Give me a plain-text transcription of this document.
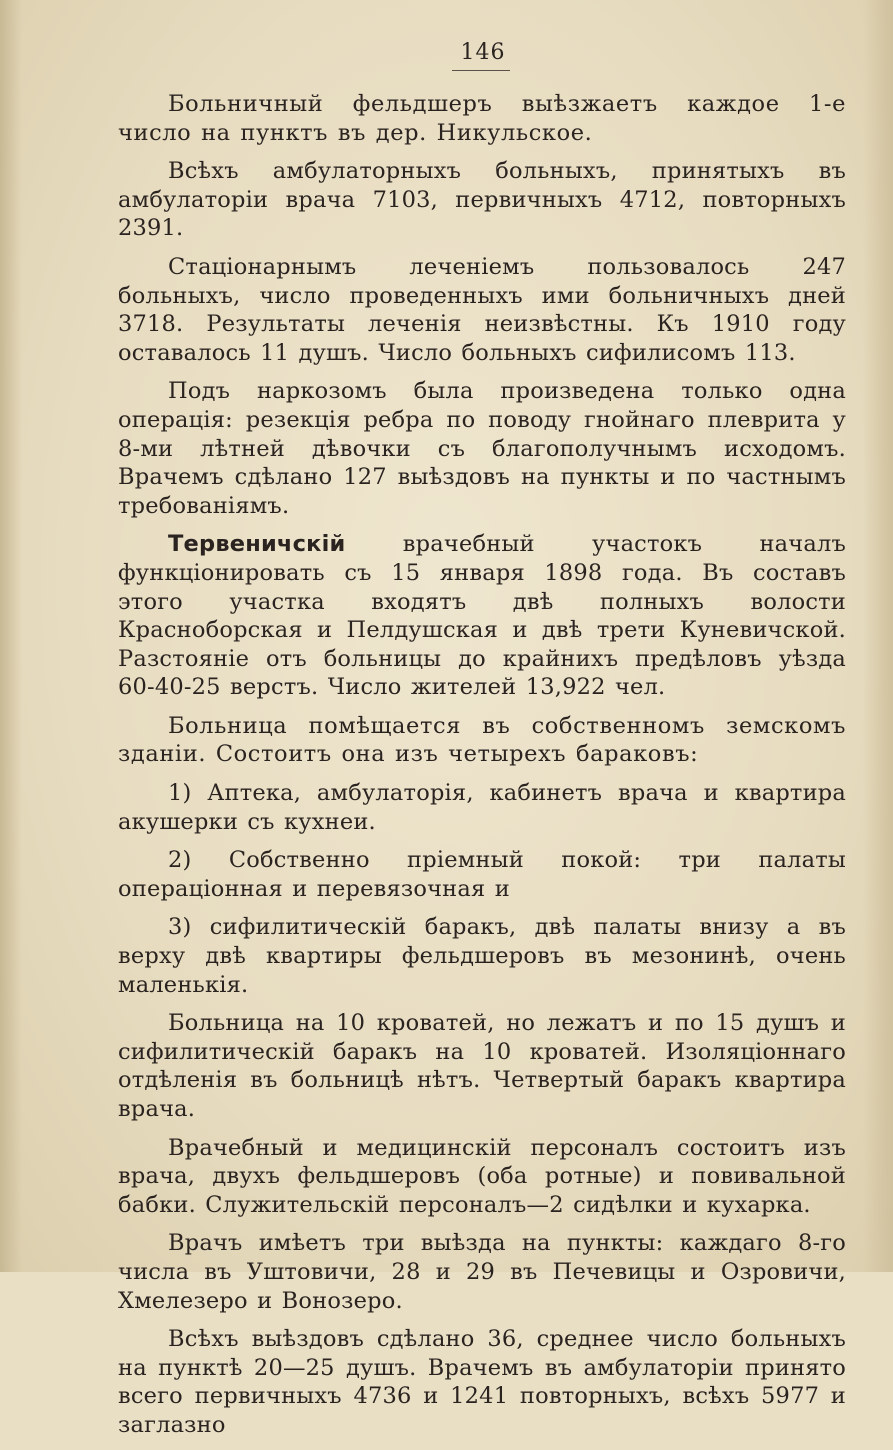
146

Больничный фельдшеръ выѣзжаетъ каждое 1-е число на пунктъ въ дер. Никульское.

Всѣхъ амбулаторныхъ больныхъ, принятыхъ въ амбулаторіи врача 7103, первичныхъ 4712, повторныхъ 2391.

Стаціонарнымъ леченіемъ пользовалось 247 больныхъ, число проведенныхъ ими больничныхъ дней 3718. Результаты леченія неизвѣстны. Къ 1910 году оставалось 11 душъ. Число больныхъ сифилисомъ 113.

Подъ наркозомъ была произведена только одна операція: резекція ребра по поводу гнойнаго плеврита у 8-ми лѣтней дѣвочки съ благополучнымъ исходомъ. Врачемъ сдѣлано 127 выѣздовъ на пункты и по частнымъ требованіямъ.

Тервеничскій врачебный участокъ началъ функціонировать съ 15 января 1898 года. Въ составъ этого участка входятъ двѣ полныхъ волости Красноборская и Пелдушская и двѣ трети Куневичской. Разстояніе отъ больницы до крайнихъ предѣловъ уѣзда 60-40-25 верстъ. Число жителей 13,922 чел.

Больница помѣщается въ собственномъ земскомъ зданіи. Состоитъ она изъ четырехъ бараковъ:

1) Аптека, амбулаторія, кабинетъ врача и квартира акушерки съ кухнеи.

2) Собственно пріемный покой: три палаты операціонная и перевязочная и

3) сифилитическій баракъ, двѣ палаты внизу а въ верху двѣ квартиры фельдшеровъ въ мезонинѣ, очень маленькія.

Больница на 10 кроватей, но лежатъ и по 15 душъ и сифилитическій баракъ на 10 кроватей. Изоляціоннаго отдѣленія въ больницѣ нѣтъ. Четвертый баракъ квартира врача.

Врачебный и медицинскій персоналъ состоитъ изъ врача, двухъ фельдшеровъ (оба ротные) и повивальной бабки. Служительскій персоналъ—2 сидѣлки и кухарка.

Врачъ имѣетъ три выѣзда на пункты: каждаго 8-го числа въ Уштовичи, 28 и 29 въ Печевицы и Озровичи, Хмелезеро и Вонозеро.

Всѣхъ выѣздовъ сдѣлано 36, среднее число больныхъ на пунктѣ 20—25 душъ. Врачемъ въ амбулаторіи принято всего первичныхъ 4736 и 1241 повторныхъ, всѣхъ 5977 и заглазно
